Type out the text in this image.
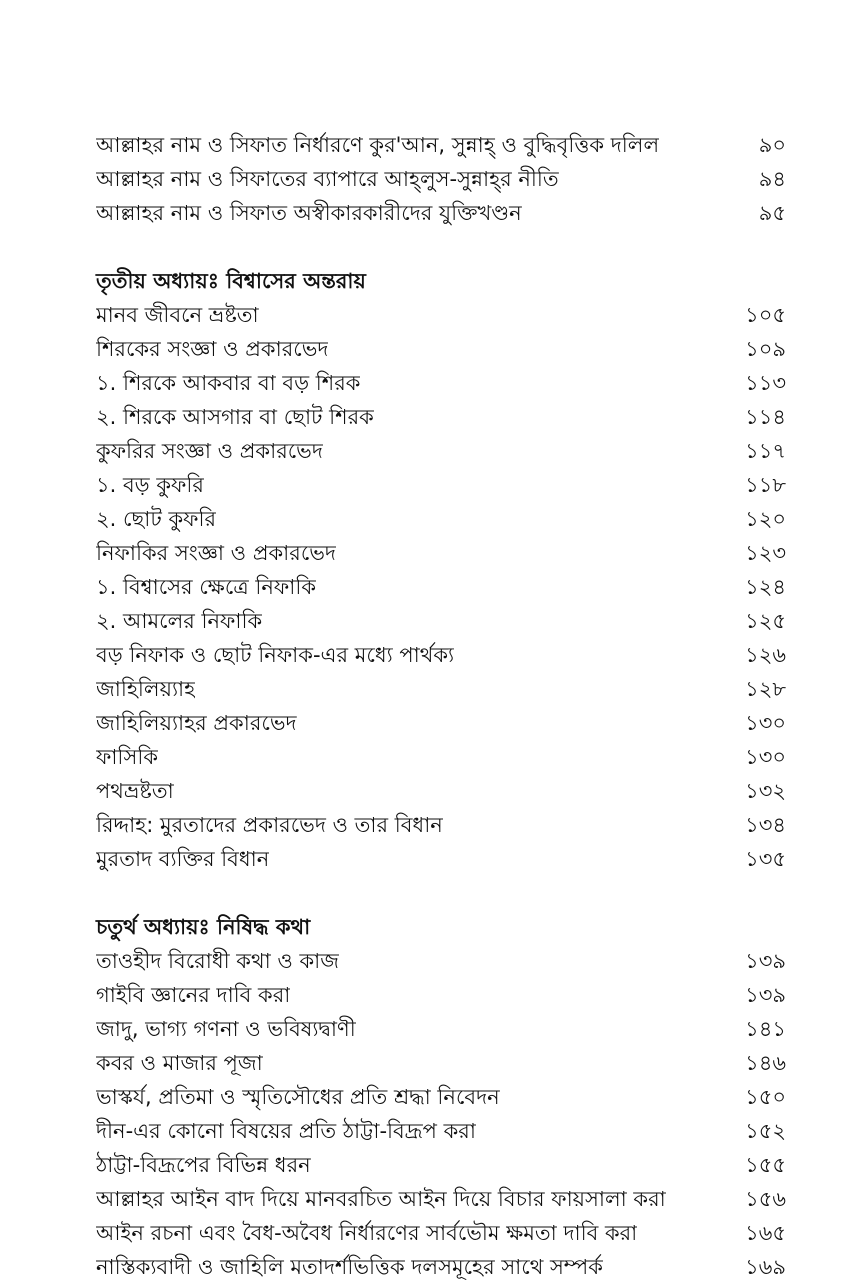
আল্লাহর নাম ও সিফাত নির্ধারণে কুর'আন, সুন্নাহ্ ও বুদ্ধিবৃত্তিক দলিল	৯০
আল্লাহর নাম ও সিফাতের ব্যাপারে আহ্‌লুস-সুন্নাহ্‌র নীতি	৯৪
আল্লাহর নাম ও সিফাত অস্বীকারকারীদের যুক্তিখণ্ডন	৯৫
তৃতীয় অধ্যায়ঃ বিশ্বাসের অন্তরায়
মানব জীবনে ভ্রষ্টতা	১০৫
শিরকের সংজ্ঞা ও প্রকারভেদ	১০৯
১. শিরকে আকবার বা বড় শিরক	১১৩
২. শিরকে আসগার বা ছোট শিরক	১১৪
কুফরির সংজ্ঞা ও প্রকারভেদ	১১৭
১. বড় কুফরি	১১৮
২. ছোট কুফরি	১২০
নিফাকির সংজ্ঞা ও প্রকারভেদ	১২৩
১. বিশ্বাসের ক্ষেত্রে নিফাকি	১২৪
২. আমলের নিফাকি	১২৫
বড় নিফাক ও ছোট নিফাক-এর মধ্যে পার্থক্য	১২৬
জাহিলিয়্যাহ	১২৮
জাহিলিয়্যাহর প্রকারভেদ	১৩০
ফাসিকি	১৩০
পথভ্রষ্টতা	১৩২
রিদ্দাহ: মুরতাদের প্রকারভেদ ও তার বিধান	১৩৪
মুরতাদ ব্যক্তির বিধান	১৩৫
চতুর্থ অধ্যায়ঃ নিষিদ্ধ কথা
তাওহীদ বিরোধী কথা ও কাজ	১৩৯
গাইবি জ্ঞানের দাবি করা	১৩৯
জাদু, ভাগ্য গণনা ও ভবিষ্যদ্বাণী	১৪১
কবর ও মাজার পূজা	১৪৬
ভাস্কর্য, প্রতিমা ও স্মৃতিসৌধের প্রতি শ্রদ্ধা নিবেদন	১৫০
দীন-এর কোনো বিষয়ের প্রতি ঠাট্টা-বিদ্রূপ করা	১৫২
ঠাট্টা-বিদ্রূপের বিভিন্ন ধরন	১৫৫
আল্লাহর আইন বাদ দিয়ে মানবরচিত আইন দিয়ে বিচার ফায়সালা করা	১৫৬
আইন রচনা এবং বৈধ-অবৈধ নির্ধারণের সার্বভৌম ক্ষমতা দাবি করা	১৬৫
নাস্তিক্যবাদী ও জাহিলি মতাদর্শভিত্তিক দলসমূহের সাথে সম্পর্ক	১৬৯
